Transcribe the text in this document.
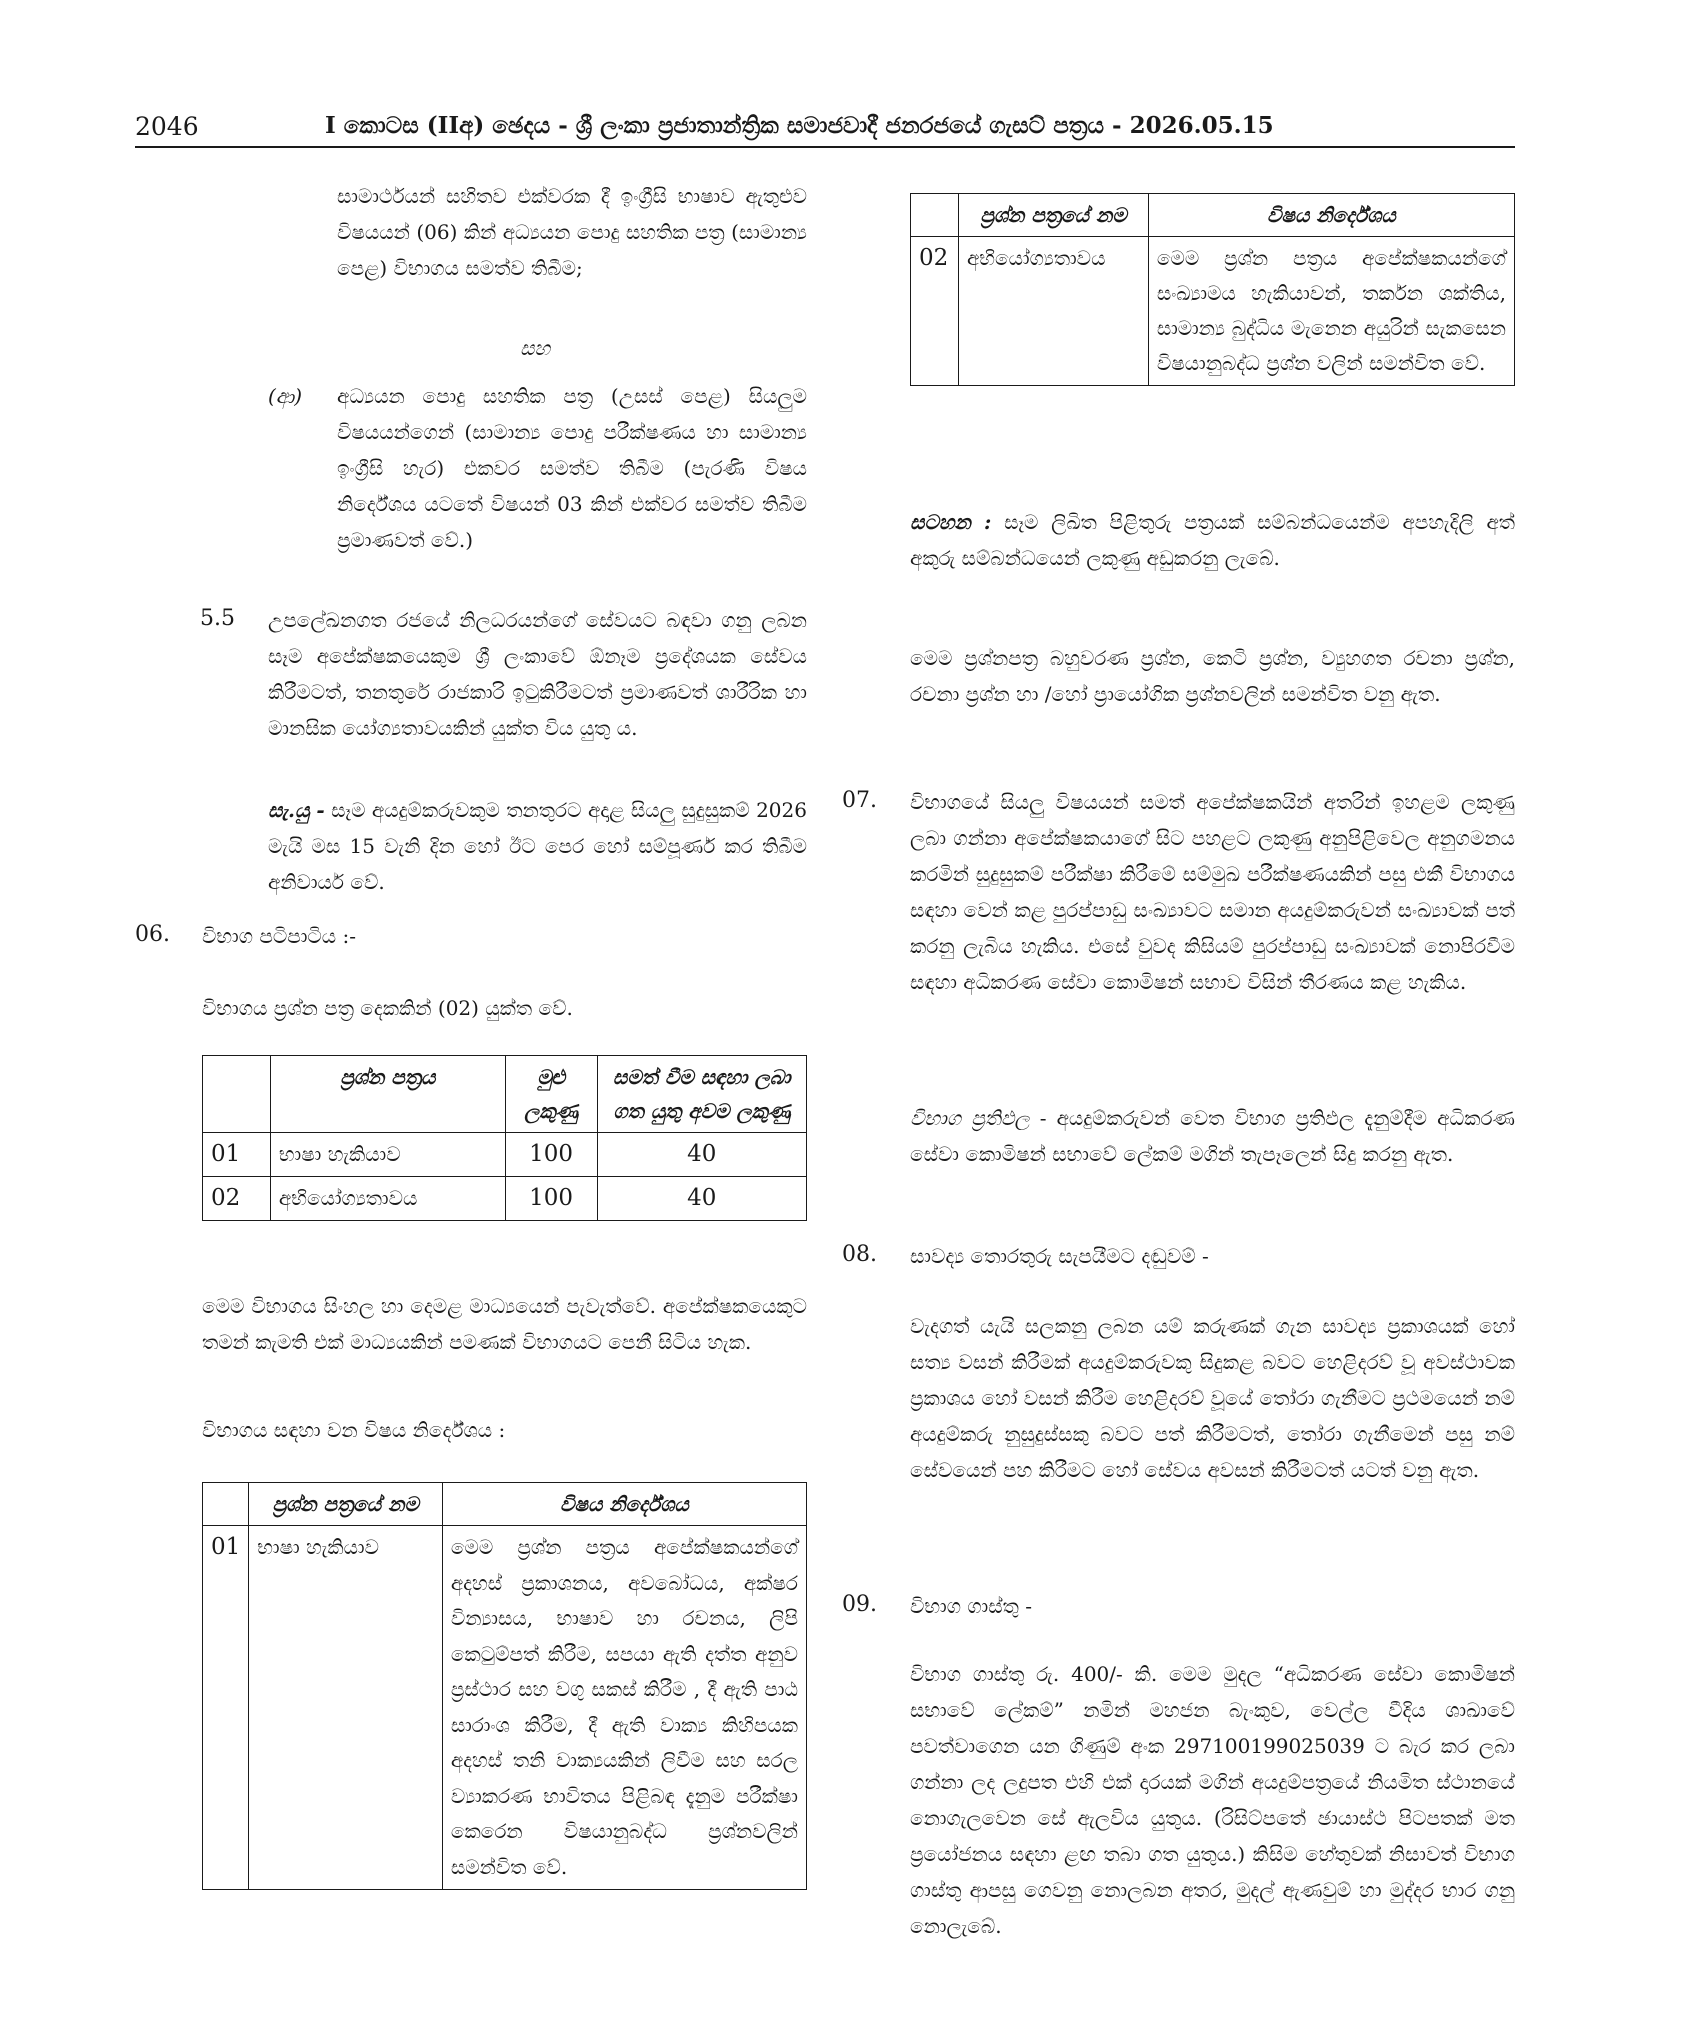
2046	I කොටස (IIඅ) ඡෙදය - ශ්‍රී ලංකා ප්‍රජාතාන්ත්‍රික සමාජවාදී ජනරජයේ ගැසට් පත්‍රය - 2026.05.15

සාමාර්ථයන් සහිතව එක්වරක දී ඉංග්‍රීසි භාෂාව ඇතුළුව විෂයයන් (06) කින් අධ්‍යයන පොදු සහතික පත්‍ර (සාමාන්‍ය පෙළ) විභාගය සමත්ව තිබීම;

සහ
(ආ)	අධ්‍යයන පොදු සහතික පත්‍ර (උසස් පෙළ) සියලුම විෂයයන්ගෙන් (සාමාන්‍ය පොදු පරීක්ෂණය හා සාමාන්‍ය ඉංග්‍රීසි හැර) එකවර සමත්ව තිබීම (පැරණි විෂය නිර්දේශය යටතේ විෂයන් 03 කින් එක්වර සමත්ව තිබීම ප්‍රමාණවත් වේ.)

5.5 උපලේඛනගත රජයේ නිලධරයන්ගේ සේවයට බඳවා ගනු ලබන සෑම අපේක්ෂකයෙකුම ශ්‍රී ලංකාවේ ඕනෑම ප්‍රදේශයක සේවය කිරීමටත්, තනතුරේ රාජකාරි ඉටුකිරීමටත් ප්‍රමාණවත් ශාරීරික හා මානසික යෝග්‍යතාවයකින් යුක්ත විය යුතු ය.

සැ.යු - සෑම අයදුම්කරුවකුම තනතුරට අදාළ සියලු සුදුසුකම් 2026 මැයි මස 15 වැනි දින හෝ ඊට පෙර හෝ සම්පූර්ණ කර තිබීම අනිවාර්ය වේ.

06. විභාග පටිපාටිය :-
විභාගය ප්‍රශ්න පත්‍ර දෙකකින් (02) යුක්ත වේ.
	ප්‍රශ්න පත්‍රය	මුළු ලකුණු	සමත් වීම සඳහා ලබා ගත යුතු අවම ලකුණු
01	භාෂා හැකියාව	100	40
02	අභියෝග්‍යතාවය	100	40

මෙම විභාගය සිංහල හා දෙමළ මාධ්‍යයෙන් පැවැත්වේ. අපේක්ෂකයෙකුට තමන් කැමති එක් මාධ්‍යයකින් පමණක් විභාගයට පෙනී සිටිය හැක.

විභාගය සඳහා වන විෂය නිර්දේශය :
	ප්‍රශ්න පත්‍රයේ නම	විෂය නිර්දේශය
01	භාෂා හැකියාව	මෙම ප්‍රශ්න පත්‍රය අපේක්ෂකයන්ගේ අදහස් ප්‍රකාශනය, අවබෝධය, අක්ෂර වින්‍යාසය, භාෂාව හා රචනය, ලිපි කෙටුම්පත් කිරීම, සපයා ඇති දත්ත අනුව ප්‍රස්ථාර සහ වගු සකස් කිරීම , දී ඇති පාඨ සාරාංශ කිරීම, දී ඇති වාක්‍ය කිහිපයක අදහස් තනි වාක්‍යයකින් ලිවීම සහ සරල ව්‍යාකරණ භාවිතය පිළිබඳ දැනුම පරීක්ෂා කෙරෙන විෂයානුබද්ධ ප්‍රශ්නවලින් සමන්විත වේ.
	ප්‍රශ්න පත්‍රයේ නම	විෂය නිර්දේශය
02	අභියෝග්‍යතාවය	මෙම ප්‍රශ්න පත්‍රය අපේක්ෂකයන්ගේ සංඛ්‍යාමය හැකියාවන්, තර්කන ශක්තිය, සාමාන්‍ය බුද්ධිය මැනෙන අයුරින් සැකසෙන විෂයානුබද්ධ ප්‍රශ්න වලින් සමන්විත වේ.

සටහන : සෑම ලිඛිත පිළිතුරු පත්‍රයක් සම්බන්ධයෙන්ම අපහැදිලි අත් අකුරු සම්බන්ධයෙන් ලකුණු අඩුකරනු ලැබේ.

මෙම ප්‍රශ්නපත්‍ර බහුවරණ ප්‍රශ්න, කෙටි ප්‍රශ්න, ව්‍යුහගත රචනා ප්‍රශ්න, රචනා ප්‍රශ්න හා /හෝ ප්‍රායෝගික ප්‍රශ්නවලින් සමන්විත වනු ඇත.

07. විභාගයේ සියලු විෂයයන් සමත් අපේක්ෂකයින් අතරින් ඉහළම ලකුණු ලබා ගන්නා අපේක්ෂකයාගේ සිට පහළට ලකුණු අනුපිළිවෙල අනුගමනය කරමින් සුදුසුකම් පරීක්ෂා කිරීමේ සම්මුඛ පරීක්ෂණයකින් පසු එකී විභාගය සඳහා වෙන් කළ පුරප්පාඩු සංඛ්‍යාවට සමාන අයදුම්කරුවන් සංඛ්‍යාවක් පත් කරනු ලැබිය හැකිය. එසේ වුවද කිසියම් පුරප්පාඩු සංඛ්‍යාවක් නොපිරවීම සඳහා අධිකරණ සේවා කොමිෂන් සභාව විසින් තීරණය කළ හැකිය.

විභාග ප්‍රතිඵල - අයදුම්කරුවන් වෙත විභාග ප්‍රතිඵල දැනුම්දීම අධිකරණ සේවා කොමිෂන් සභාවේ ලේකම් මගින් තැපෑලෙන් සිදු කරනු ඇත.

08. සාවද්‍ය තොරතුරු සැපයීමට දඬුවම් -

වැදගත් යැයි සලකනු ලබන යම් කරුණක් ගැන සාවද්‍ය ප්‍රකාශයක් හෝ සත්‍ය වසන් කිරීමක් අයදුම්කරුවකු සිදුකළ බවට හෙළිදරව් වූ අවස්ථාවක ප්‍රකාශය හෝ වසන් කිරීම හෙළිදරව් වූයේ තෝරා ගැනීමට ප්‍රථමයෙන් නම් අයදුම්කරු නුසුදුස්සකු බවට පත් කිරීමටත්, තෝරා ගැනීමෙන් පසු නම් සේවයෙන් පහ කිරීමට හෝ සේවය අවසන් කිරීමටත් යටත් වනු ඇත.

09. විභාග ගාස්තු -

විභාග ගාස්තු රු. 400/- කි. මෙම මුදල “අධිකරණ සේවා කොමිෂන් සභාවේ ලේකම්” නමින් මහජන බැංකුව, වෙල්ල වීදිය ශාඛාවේ පවත්වාගෙන යන ගිණුම් අංක 297100199025039 ට බැර කර ලබා ගන්නා ලද ලදුපත එහි එක් දාරයක් මගින් අයදුම්පත්‍රයේ නියමිත ස්ථානයේ නොගැලවෙන සේ ඇලවිය යුතුය. (රිසිට්පතේ ඡායාස්ථ පිටපතක් මත ප්‍රයෝජනය සඳහා ළඟ තබා ගත යුතුය.) කිසිම හේතුවක් නිසාවත් විභාග ගාස්තු ආපසු ගෙවනු නොලබන අතර, මුදල් ඇණවුම් හා මුද්දර භාර ගනු නොලැබේ.
